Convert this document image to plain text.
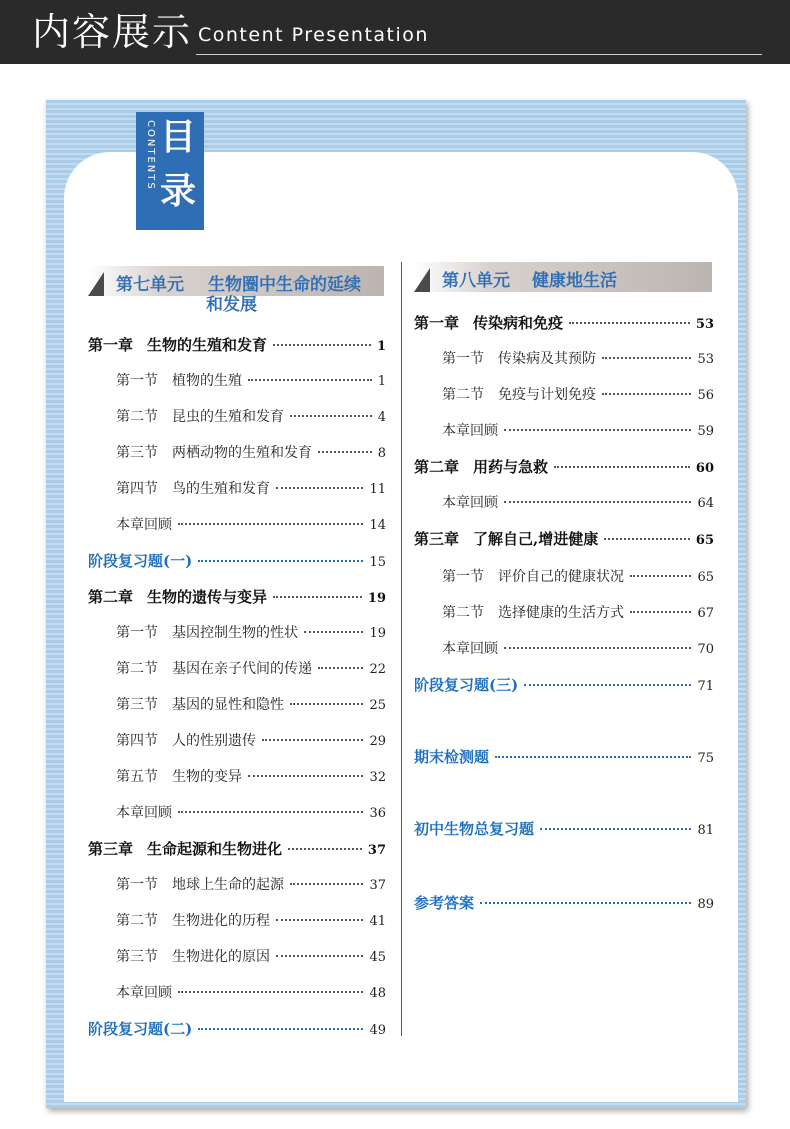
内容展示 Content Presentation
CONTENTS 目
录
第七单元 生物圈中生命的延续
和发展
第八单元 健康地生活
第一章 生物的生殖和发育	1
第一节 植物的生殖	1
第二节 昆虫的生殖和发育	4
第三节 两栖动物的生殖和发育	8
第四节 鸟的生殖和发育	11
本章回顾	14
阶段复习题(一)	15
第二章 生物的遗传与变异	19
第一节 基因控制生物的性状	19
第二节 基因在亲子代间的传递	22
第三节 基因的显性和隐性	25
第四节 人的性别遗传	29
第五节 生物的变异	32
本章回顾	36
第三章 生命起源和生物进化	37
第一节 地球上生命的起源	37
第二节 生物进化的历程	41
第三节 生物进化的原因	45
本章回顾	48
阶段复习题(二)	49
第一章 传染病和免疫	53
第一节 传染病及其预防	53
第二节 免疫与计划免疫	56
本章回顾	59
第二章 用药与急救	60
本章回顾	64
第三章 了解自己,增进健康	65
第一节 评价自己的健康状况	65
第二节 选择健康的生活方式	67
本章回顾	70
阶段复习题(三)	71
期末检测题	75
初中生物总复习题	81
参考答案	89
